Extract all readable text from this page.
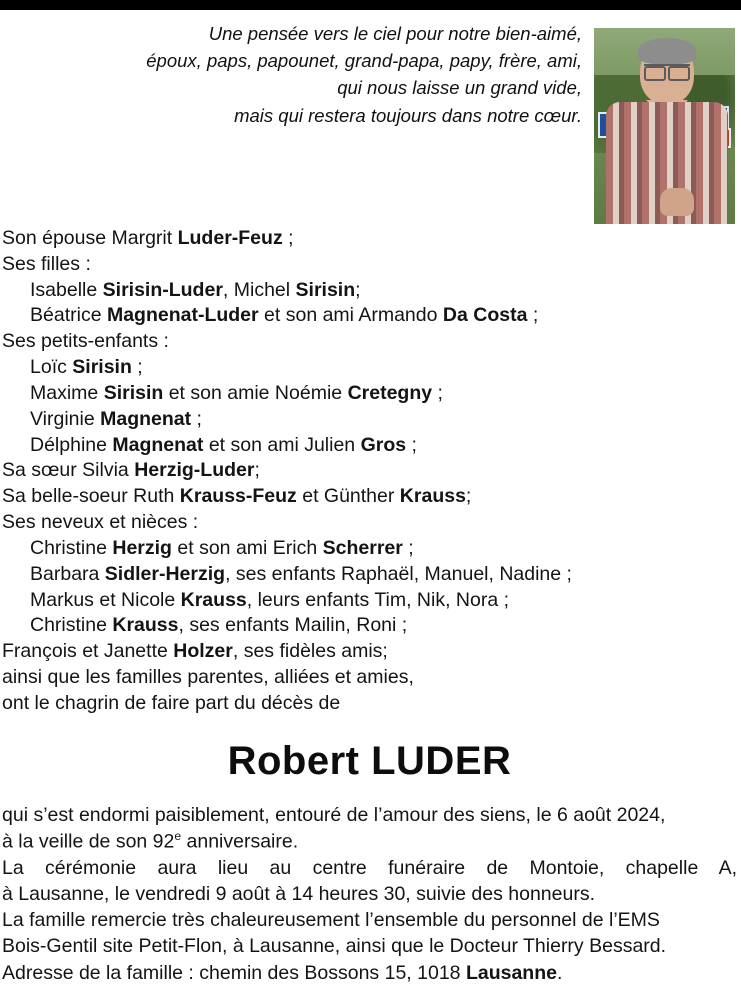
Une pensée vers le ciel pour notre bien-aimé,
époux, paps, papounet, grand-papa, papy, frère, ami,
qui nous laisse un grand vide,
mais qui restera toujours dans notre cœur.
Son épouse Margrit Luder-Feuz ;
Ses filles :
Isabelle Sirisin-Luder, Michel Sirisin;
Béatrice Magnenat-Luder et son ami Armando Da Costa ;
Ses petits-enfants :
Loïc Sirisin ;
Maxime Sirisin et son amie Noémie Cretegny ;
Virginie Magnenat ;
Délphine Magnenat et son ami Julien Gros ;
Sa sœur Silvia Herzig-Luder;
Sa belle-soeur Ruth Krauss-Feuz et Günther Krauss;
Ses neveux et nièces :
Christine Herzig et son ami Erich Scherrer ;
Barbara Sidler-Herzig, ses enfants Raphaël, Manuel, Nadine ;
Markus et Nicole Krauss, leurs enfants Tim, Nik, Nora ;
Christine Krauss, ses enfants Mailin, Roni ;
François et Janette Holzer, ses fidèles amis;
ainsi que les familles parentes, alliées et amies,
ont le chagrin de faire part du décès de
Robert LUDER
qui s’est endormi paisiblement, entouré de l’amour des siens, le 6 août 2024,
à la veille de son 92e anniversaire.
La cérémonie aura lieu au centre funéraire de Montoie, chapelle A,
à Lausanne, le vendredi 9 août à 14 heures 30, suivie des honneurs.
La famille remercie très chaleureusement l’ensemble du personnel de l’EMS
Bois-Gentil site Petit-Flon, à Lausanne, ainsi que le Docteur Thierry Bessard.
Adresse de la famille : chemin des Bossons 15, 1018 Lausanne.
